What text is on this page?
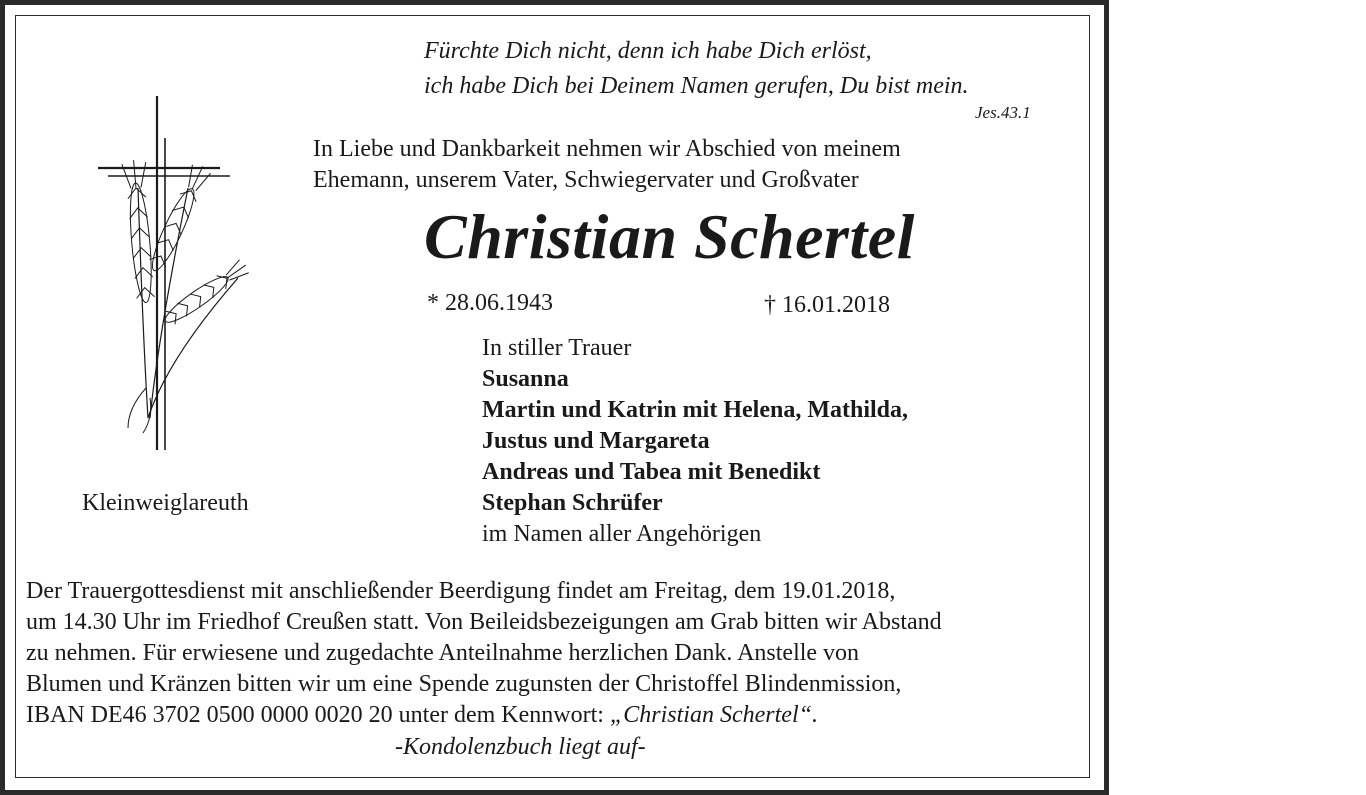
Fürchte Dich nicht, denn ich habe Dich erlöst,
ich habe Dich bei Deinem Namen gerufen, Du bist mein.
Jes.43.1
In Liebe und Dankbarkeit nehmen wir Abschied von meinem
Ehemann, unserem Vater, Schwiegervater und Großvater
Christian Schertel
* 28.06.1943	† 16.01.2018
Kleinweiglareuth
In stiller Trauer
Susanna
Martin und Katrin mit Helena, Mathilda,
Justus und Margareta
Andreas und Tabea mit Benedikt
Stephan Schrüfer
im Namen aller Angehörigen
Der Trauergottesdienst mit anschließender Beerdigung findet am Freitag, dem 19.01.2018,
um 14.30 Uhr im Friedhof Creußen statt. Von Beileidsbezeigungen am Grab bitten wir Abstand
zu nehmen. Für erwiesene und zugedachte Anteilnahme herzlichen Dank. Anstelle von
Blumen und Kränzen bitten wir um eine Spende zugunsten der Christoffel Blindenmission,
IBAN DE46 3702 0500 0000 0020 20 unter dem Kennwort: „Christian Schertel“.
-Kondolenzbuch liegt auf-
